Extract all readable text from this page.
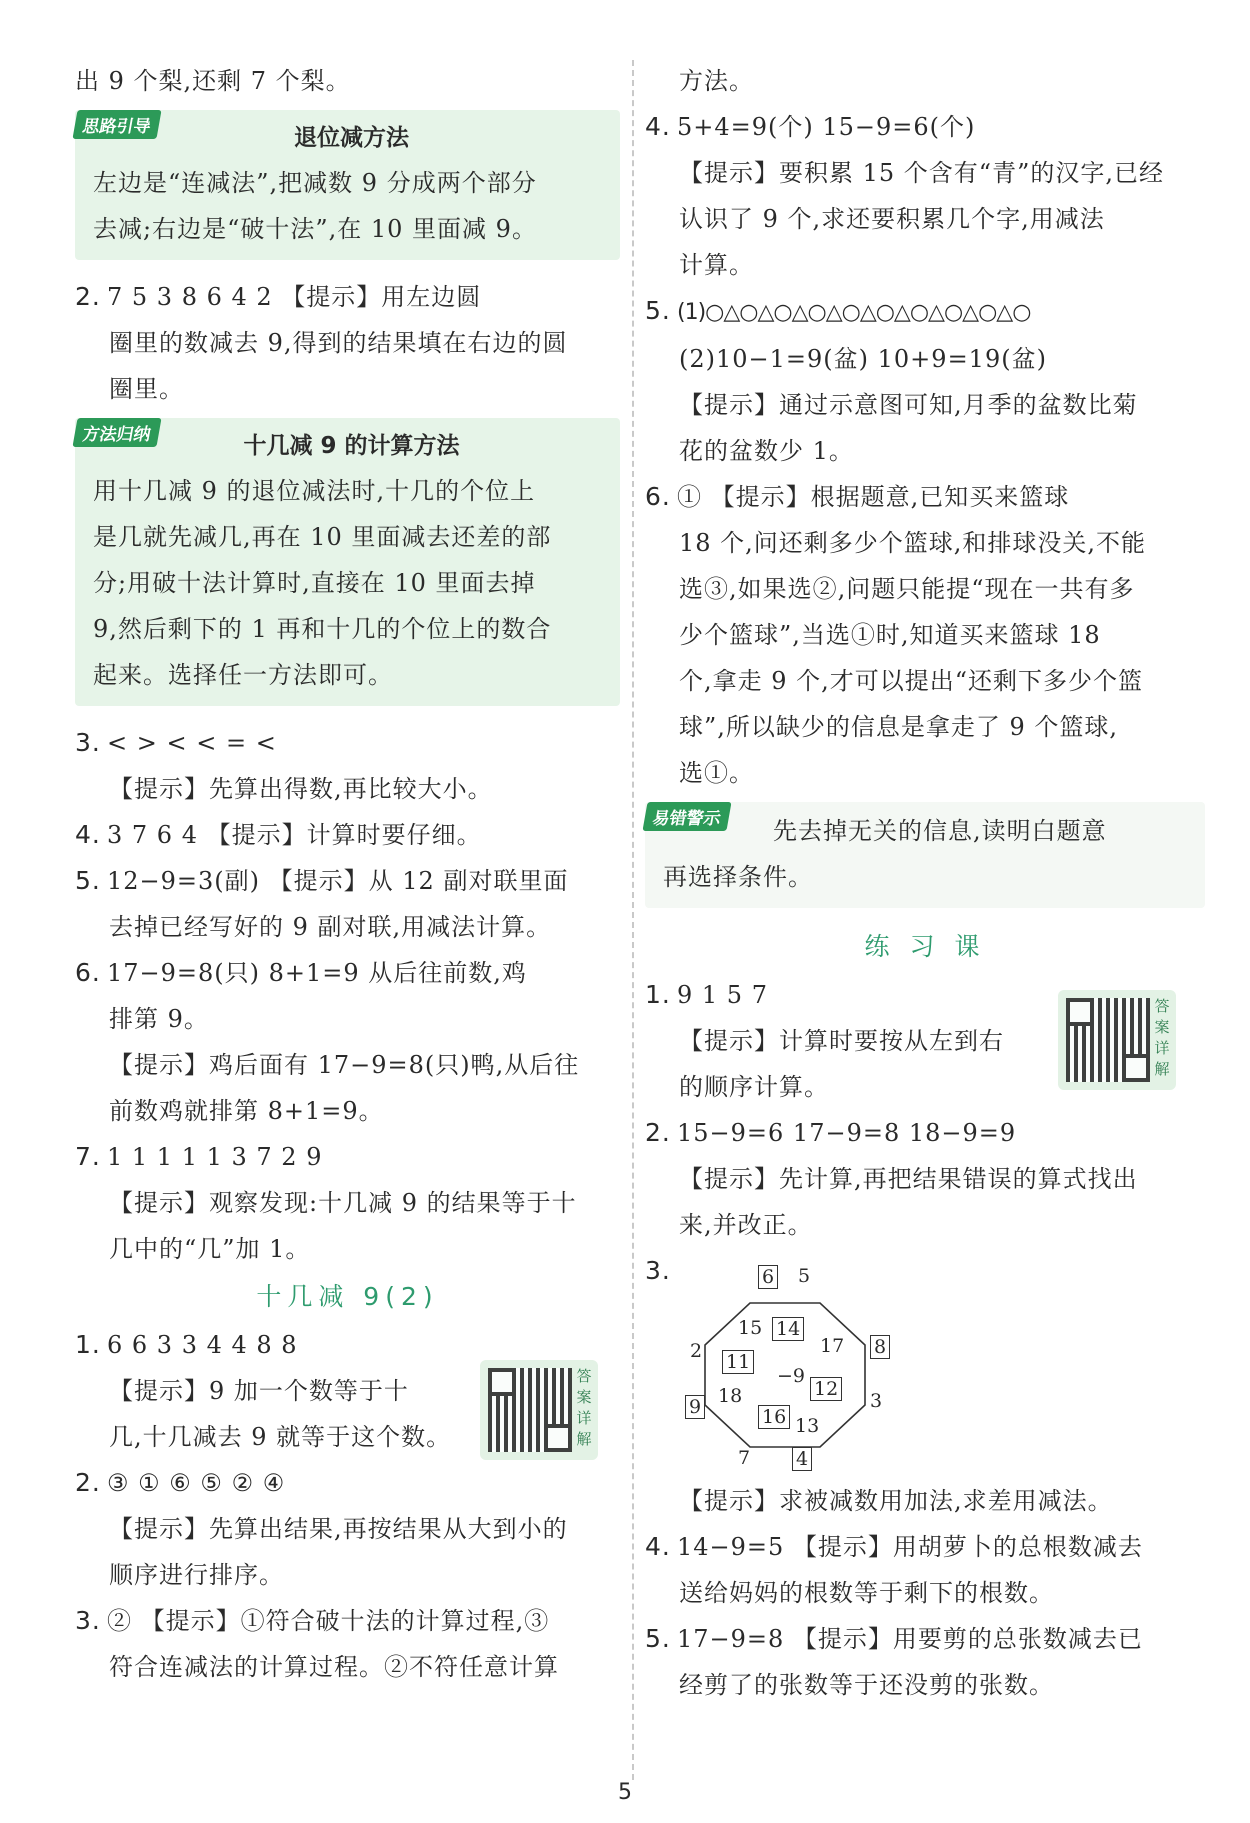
出 9 个梨,还剩 7 个梨。
思路引导	退位减方法
左边是“连减法”,把减数 9 分成两个部分
去减;右边是“破十法”,在 10 里面减 9。
2. 7 5 3 8 6 4 2 【提示】用左边圆
圈里的数减去 9,得到的结果填在右边的圆
圈里。
方法归纳	十几减 9 的计算方法
用十几减 9 的退位减法时,十几的个位上
是几就先减几,再在 10 里面减去还差的部
分;用破十法计算时,直接在 10 里面去掉
9,然后剩下的 1 再和十几的个位上的数合
起来。选择任一方法即可。
3. < > < < = <
【提示】先算出得数,再比较大小。
4. 3 7 6 4 【提示】计算时要仔细。
5. 12−9=3(副) 【提示】从 12 副对联里面
去掉已经写好的 9 副对联,用减法计算。
6. 17−9=8(只) 8+1=9 从后往前数,鸡
排第 9。
【提示】鸡后面有 17−9=8(只)鸭,从后往
前数鸡就排第 8+1=9。
7. 1 1 1 1 1 3 7 2 9
【提示】观察发现:十几减 9 的结果等于十
几中的“几”加 1。
十几减 9(2)
1. 6 6 3 3 4 4 8 8
【提示】9 加一个数等于十
几,十几减去 9 就等于这个数。
2. ③ ① ⑥ ⑤ ② ④
【提示】先算出结果,再按结果从大到小的
顺序进行排序。
3. ② 【提示】①符合破十法的计算过程,③
符合连减法的计算过程。②不符任意计算
答
案
详
解
答
案
详
解
方法。
4. 5+4=9(个) 15−9=6(个)
【提示】要积累 15 个含有“青”的汉字,已经
认识了 9 个,求还要积累几个字,用减法
计算。
5. (1)○△○△○△○△○△○△○△○△○△○
(2)10−1=9(盆) 10+9=19(盆)
【提示】通过示意图可知,月季的盆数比菊
花的盆数少 1。
6. ① 【提示】根据题意,已知买来篮球
18 个,问还剩多少个篮球,和排球没关,不能
选③,如果选②,问题只能提“现在一共有多
少个篮球”,当选①时,知道买来篮球 18
个,拿走 9 个,才可以提出“还剩下多少个篮
球”,所以缺少的信息是拿走了 9 个篮球,
选①。
易错警示	先去掉无关的信息,读明白题意
再选择条件。
练 习 课
1. 9 1 5 7
【提示】计算时要按从左到右
的顺序计算。
2. 15−9=6 17−9=8 18−9=9
【提示】先计算,再把结果错误的算式找出
来,并改正。
3.
【提示】求被减数用加法,求差用减法。
4. 14−9=5 【提示】用胡萝卜的总根数减去
送给妈妈的根数等于剩下的根数。
5. 17−9=8 【提示】用要剪的总张数减去已
经剪了的张数等于还没剪的张数。
−9
15
6
17 8
13
4
18
9
11
2
14
5
12
3
16
7
5
